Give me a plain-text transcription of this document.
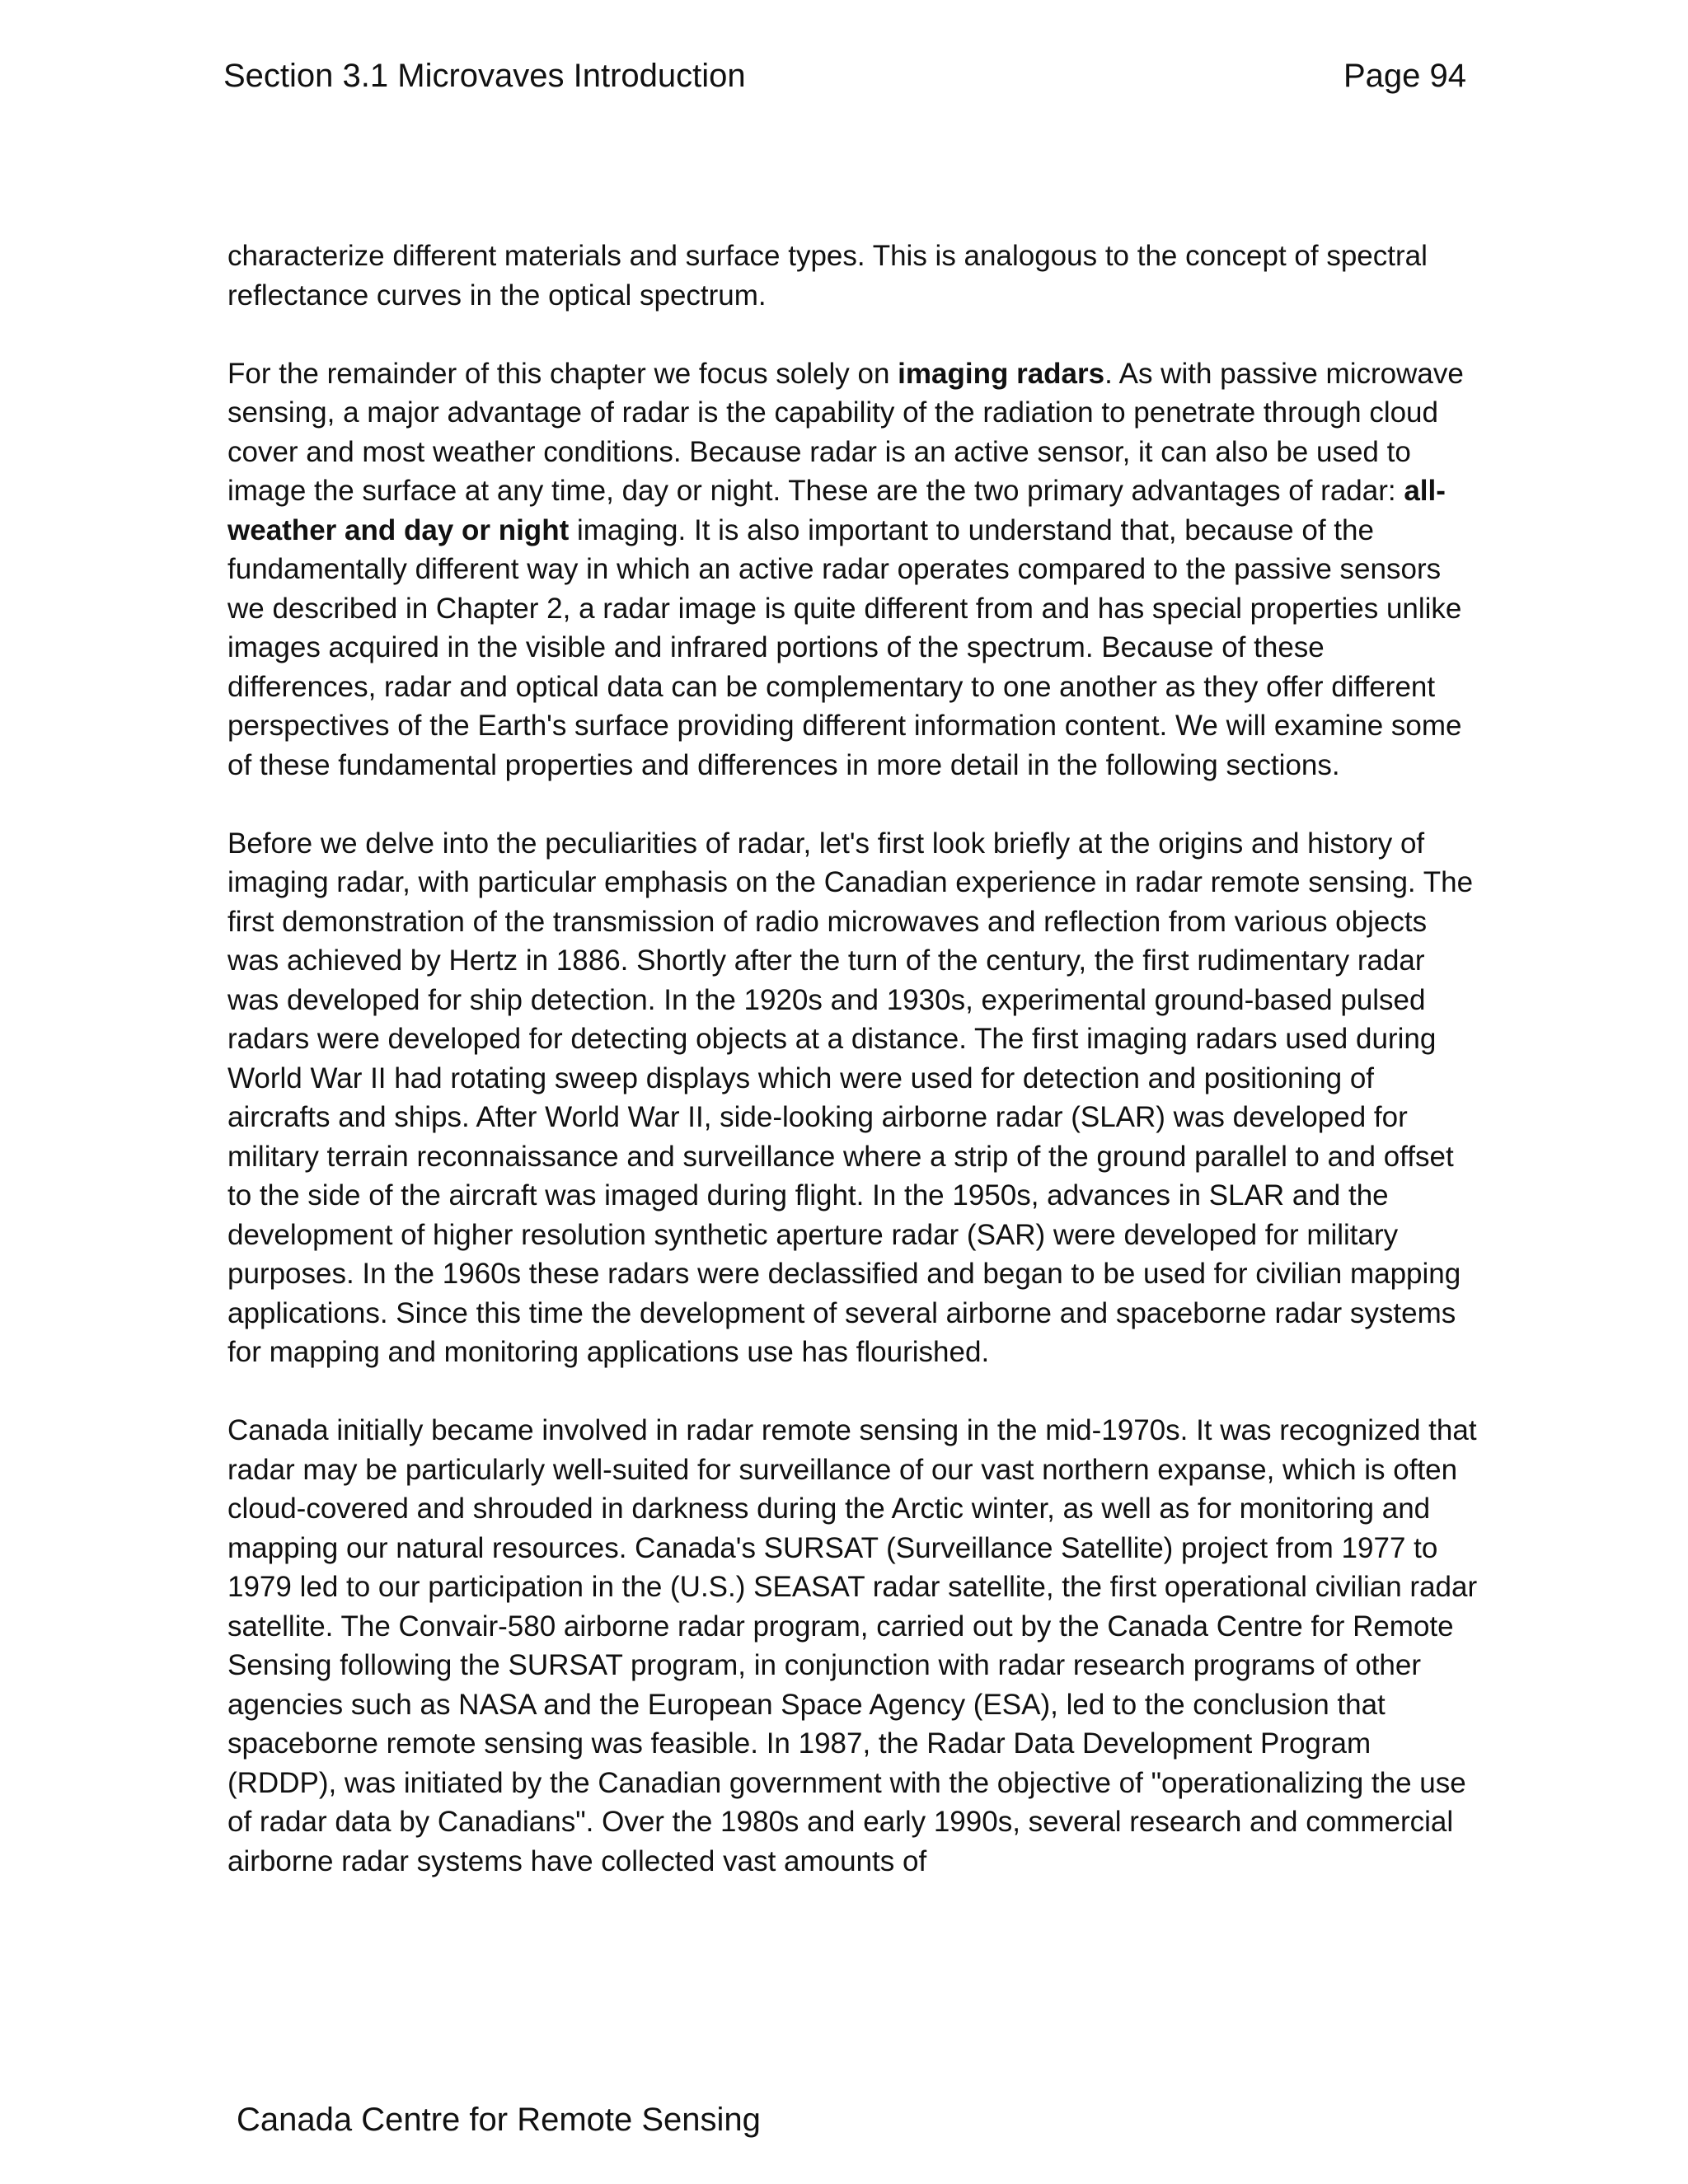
Section 3.1 Microvaves Introduction	Page 94

characterize different materials and surface types. This is analogous to the concept of spectral reflectance curves in the optical spectrum.

For the remainder of this chapter we focus solely on imaging radars. As with passive microwave sensing, a major advantage of radar is the capability of the radiation to penetrate through cloud cover and most weather conditions. Because radar is an active sensor, it can also be used to image the surface at any time, day or night. These are the two primary advantages of radar: all-weather and day or night imaging. It is also important to understand that, because of the fundamentally different way in which an active radar operates compared to the passive sensors we described in Chapter 2, a radar image is quite different from and has special properties unlike images acquired in the visible and infrared portions of the spectrum. Because of these differences, radar and optical data can be complementary to one another as they offer different perspectives of the Earth's surface providing different information content. We will examine some of these fundamental properties and differences in more detail in the following sections.

Before we delve into the peculiarities of radar, let's first look briefly at the origins and history of imaging radar, with particular emphasis on the Canadian experience in radar remote sensing. The first demonstration of the transmission of radio microwaves and reflection from various objects was achieved by Hertz in 1886. Shortly after the turn of the century, the first rudimentary radar was developed for ship detection. In the 1920s and 1930s, experimental ground-based pulsed radars were developed for detecting objects at a distance. The first imaging radars used during World War II had rotating sweep displays which were used for detection and positioning of aircrafts and ships. After World War II, side-looking airborne radar (SLAR) was developed for military terrain reconnaissance and surveillance where a strip of the ground parallel to and offset to the side of the aircraft was imaged during flight. In the 1950s, advances in SLAR and the development of higher resolution synthetic aperture radar (SAR) were developed for military purposes. In the 1960s these radars were declassified and began to be used for civilian mapping applications. Since this time the development of several airborne and spaceborne radar systems for mapping and monitoring applications use has flourished.

Canada initially became involved in radar remote sensing in the mid-1970s. It was recognized that radar may be particularly well-suited for surveillance of our vast northern expanse, which is often cloud-covered and shrouded in darkness during the Arctic winter, as well as for monitoring and mapping our natural resources. Canada's SURSAT (Surveillance Satellite) project from 1977 to 1979 led to our participation in the (U.S.) SEASAT radar satellite, the first operational civilian radar satellite. The Convair-580 airborne radar program, carried out by the Canada Centre for Remote Sensing following the SURSAT program, in conjunction with radar research programs of other agencies such as NASA and the European Space Agency (ESA), led to the conclusion that spaceborne remote sensing was feasible. In 1987, the Radar Data Development Program (RDDP), was initiated by the Canadian government with the objective of "operationalizing the use of radar data by Canadians". Over the 1980s and early 1990s, several research and commercial airborne radar systems have collected vast amounts of

Canada Centre for Remote Sensing
